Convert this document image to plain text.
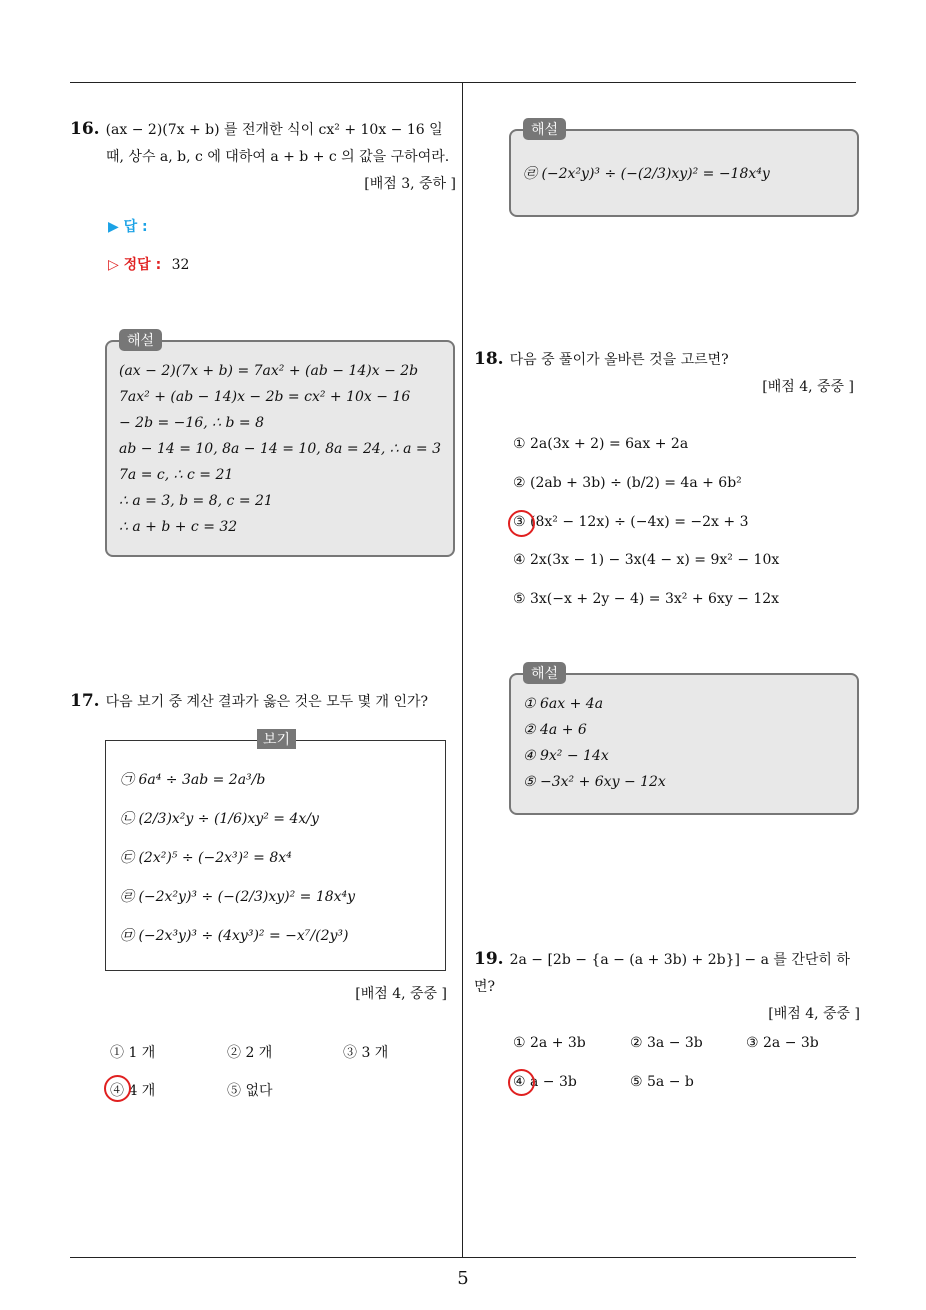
16. (ax − 2)(7x + b) 를 전개한 식이 cx² + 10x − 16 일
때, 상수 a, b, c 에 대하여 a + b + c 의 값을 구하여라.
[배점 3, 중하 ]
▶ 답 :
▷ 정답 : 32
해설
(ax − 2)(7x + b) = 7ax² + (ab − 14)x − 2b
7ax² + (ab − 14)x − 2b = cx² + 10x − 16
− 2b = −16, ∴ b = 8
ab − 14 = 10, 8a − 14 = 10, 8a = 24, ∴ a = 3
7a = c, ∴ c = 21
∴ a = 3, b = 8, c = 21
∴ a + b + c = 32
17. 다음 보기 중 계산 결과가 옳은 것은 모두 몇 개 인가?
보기
㉠ 6a⁴ ÷ 3ab = 2a³/b
㉡ (2/3)x²y ÷ (1/6)xy² = 4x/y
㉢ (2x²)⁵ ÷ (−2x³)² = 8x⁴
㉣ (−2x²y)³ ÷ (−(2/3)xy)² = 18x⁴y
㉤ (−2x³y)³ ÷ (4xy³)² = −x⁷/(2y³)
[배점 4, 중중 ]
① 1 개	② 2 개	③ 3 개
④ 4 개	⑤ 없다
해설
㉣ (−2x²y)³ ÷ (−(2/3)xy)² = −18x⁴y
18. 다음 중 풀이가 올바른 것을 고르면?
[배점 4, 중중 ]
① 2a(3x + 2) = 6ax + 2a
② (2ab + 3b) ÷ (b/2) = 4a + 6b²
③ (8x² − 12x) ÷ (−4x) = −2x + 3
④ 2x(3x − 1) − 3x(4 − x) = 9x² − 10x
⑤ 3x(−x + 2y − 4) = 3x² + 6xy − 12x
해설
① 6ax + 4a
② 4a + 6
④ 9x² − 14x
⑤ −3x² + 6xy − 12x
19. 2a − [2b − {a − (a + 3b) + 2b}] − a 를 간단히 하면?
[배점 4, 중중 ]
① 2a + 3b	② 3a − 3b	③ 2a − 3b
④ a − 3b	⑤ 5a − b
5
